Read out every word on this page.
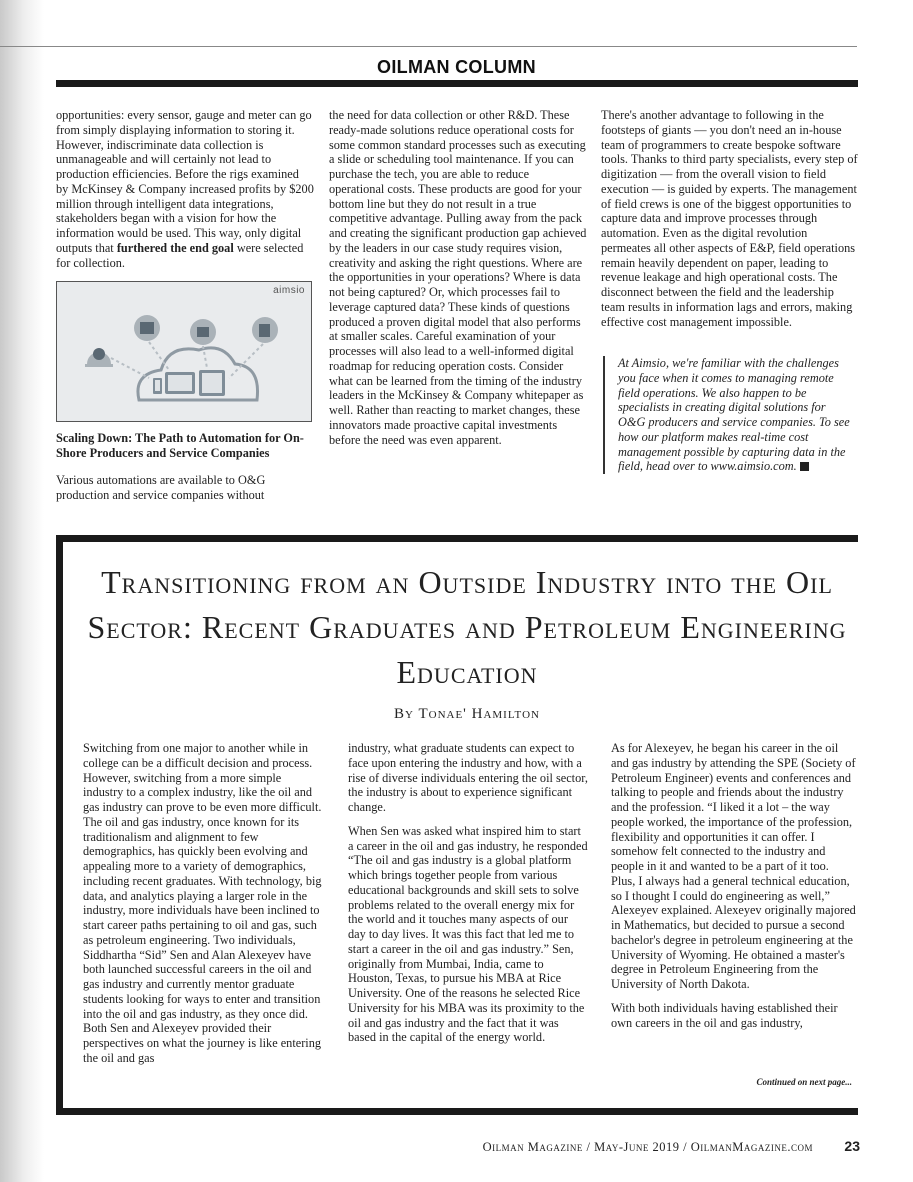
OILMAN COLUMN

opportunities: every sensor, gauge and meter can go from simply displaying information to storing it. However, indiscriminate data collection is unmanageable and will certainly not lead to production efficiencies. Before the rigs examined by McKinsey & Company increased profits by $200 million through intelligent data integrations, stakeholders began with a vision for how the information would be used. This way, only digital outputs that furthered the end goal were selected for collection.

aimsio
Scaling Down: The Path to Automation for On-Shore Producers and Service Companies

Various automations are available to O&G production and service companies without

the need for data collection or other R&D. These ready-made solutions reduce operational costs for some common standard processes such as executing a slide or scheduling tool maintenance. If you can purchase the tech, you are able to reduce operational costs. These products are good for your bottom line but they do not result in a true competitive advantage. Pulling away from the pack and creating the significant production gap achieved by the leaders in our case study requires vision, creativity and asking the right questions. Where are the opportunities in your operations? Where is data not being captured? Or, which processes fail to leverage captured data? These kinds of questions produced a proven digital model that also performs at smaller scales. Careful examination of your processes will also lead to a well-informed digital roadmap for reducing operation costs. Consider what can be learned from the timing of the industry leaders in the McKinsey & Company whitepaper as well. Rather than reacting to market changes, these innovators made proactive capital investments before the need was even apparent.

There's another advantage to following in the footsteps of giants — you don't need an in-house team of programmers to create bespoke software tools. Thanks to third party specialists, every step of digitization — from the overall vision to field execution — is guided by experts. The management of field crews is one of the biggest opportunities to capture data and improve processes through automation. Even as the digital revolution permeates all other aspects of E&P, field operations remain heavily dependent on paper, leading to revenue leakage and high operational costs. The disconnect between the field and the leadership team results in information lags and errors, making effective cost management impossible.

At Aimsio, we're familiar with the challenges you face when it comes to managing remote field operations. We also happen to be specialists in creating digital solutions for O&G producers and service companies. To see how our platform makes real-time cost management possible by capturing data in the field, head over to www.aimsio.com.
Transitioning from an Outside Industry into the Oil Sector: Recent Graduates and Petroleum Engineering Education
By Tonae' Hamilton

Switching from one major to another while in college can be a difficult decision and process. However, switching from a more simple industry to a complex industry, like the oil and gas industry can prove to be even more difficult. The oil and gas industry, once known for its traditionalism and alignment to few demographics, has quickly been evolving and appealing more to a variety of demographics, including recent graduates. With technology, big data, and analytics playing a larger role in the industry, more individuals have been inclined to start career paths pertaining to oil and gas, such as petroleum engineering. Two individuals, Siddhartha “Sid” Sen and Alan Alexeyev have both launched successful careers in the oil and gas industry and currently mentor graduate students looking for ways to enter and transition into the oil and gas industry, as they once did. Both Sen and Alexeyev provided their perspectives on what the journey is like entering the oil and gas

industry, what graduate students can expect to face upon entering the industry and how, with a rise of diverse individuals entering the oil sector, the industry is about to experience significant change.

When Sen was asked what inspired him to start a career in the oil and gas industry, he responded “The oil and gas industry is a global platform which brings together people from various educational backgrounds and skill sets to solve problems related to the overall energy mix for the world and it touches many aspects of our day to day lives. It was this fact that led me to start a career in the oil and gas industry.” Sen, originally from Mumbai, India, came to Houston, Texas, to pursue his MBA at Rice University. One of the reasons he selected Rice University for his MBA was its proximity to the oil and gas industry and the fact that it was based in the capital of the energy world.

As for Alexeyev, he began his career in the oil and gas industry by attending the SPE (Society of Petroleum Engineer) events and conferences and talking to people and friends about the industry and the profession. “I liked it a lot – the way people worked, the importance of the profession, flexibility and opportunities it can offer. I somehow felt connected to the industry and people in it and wanted to be a part of it too. Plus, I always had a general technical education, so I thought I could do engineering as well,” Alexeyev explained. Alexeyev originally majored in Mathematics, but decided to pursue a second bachelor's degree in petroleum engineering at the University of Wyoming. He obtained a master's degree in Petroleum Engineering from the University of North Dakota.

With both individuals having established their own careers in the oil and gas industry,

Continued on next page...
Oilman Magazine / May-June 2019 / OilmanMagazine.com 23
